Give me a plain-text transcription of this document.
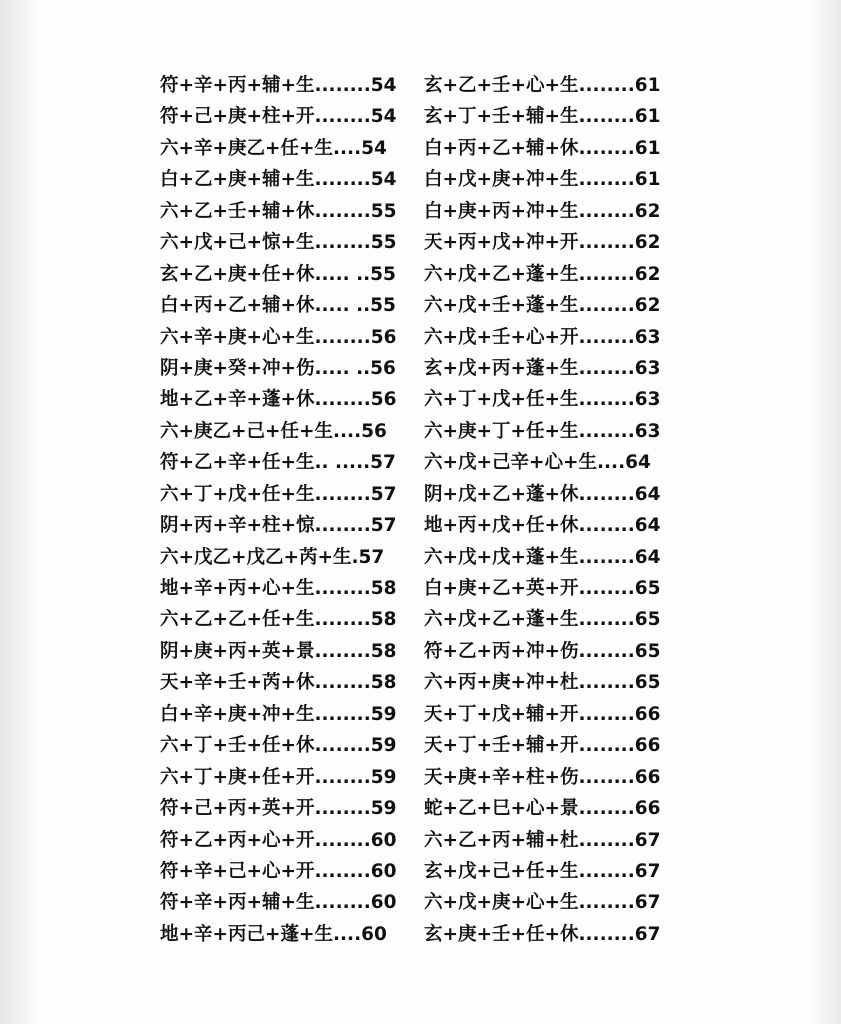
符+辛+丙+辅+生........54
符+己+庚+柱+开........54
六+辛+庚乙+任+生....54
白+乙+庚+辅+生........54
六+乙+壬+辅+休........55
六+戊+己+惊+生........55
玄+乙+庚+任+休..... ..55
白+丙+乙+辅+休..... ..55
六+辛+庚+心+生........56
阴+庚+癸+冲+伤..... ..56
地+乙+辛+蓬+休........56
六+庚乙+己+任+生....56
符+乙+辛+任+生.. .....57
六+丁+戊+任+生........57
阴+丙+辛+柱+惊........57
六+戊乙+戊乙+芮+生.57
地+辛+丙+心+生........58
六+乙+乙+任+生........58
阴+庚+丙+英+景........58
天+辛+壬+芮+休........58
白+辛+庚+冲+生........59
六+丁+壬+任+休........59
六+丁+庚+任+开........59
符+己+丙+英+开........59
符+乙+丙+心+开........60
符+辛+己+心+开........60
符+辛+丙+辅+生........60
地+辛+丙己+蓬+生....60
玄+乙+壬+心+生........61
玄+丁+壬+辅+生........61
白+丙+乙+辅+休........61
白+戊+庚+冲+生........61
白+庚+丙+冲+生........62
天+丙+戊+冲+开........62
六+戊+乙+蓬+生........62
六+戊+壬+蓬+生........62
六+戊+壬+心+开........63
玄+戊+丙+蓬+生........63
六+丁+戊+任+生........63
六+庚+丁+任+生........63
六+戊+己辛+心+生....64
阴+戊+乙+蓬+休........64
地+丙+戊+任+休........64
六+戊+戊+蓬+生........64
白+庚+乙+英+开........65
六+戊+乙+蓬+生........65
符+乙+丙+冲+伤........65
六+丙+庚+冲+杜........65
天+丁+戊+辅+开........66
天+丁+壬+辅+开........66
天+庚+辛+柱+伤........66
蛇+乙+巳+心+景........66
六+乙+丙+辅+杜........67
玄+戊+己+任+生........67
六+戊+庚+心+生........67
玄+庚+壬+任+休........67
